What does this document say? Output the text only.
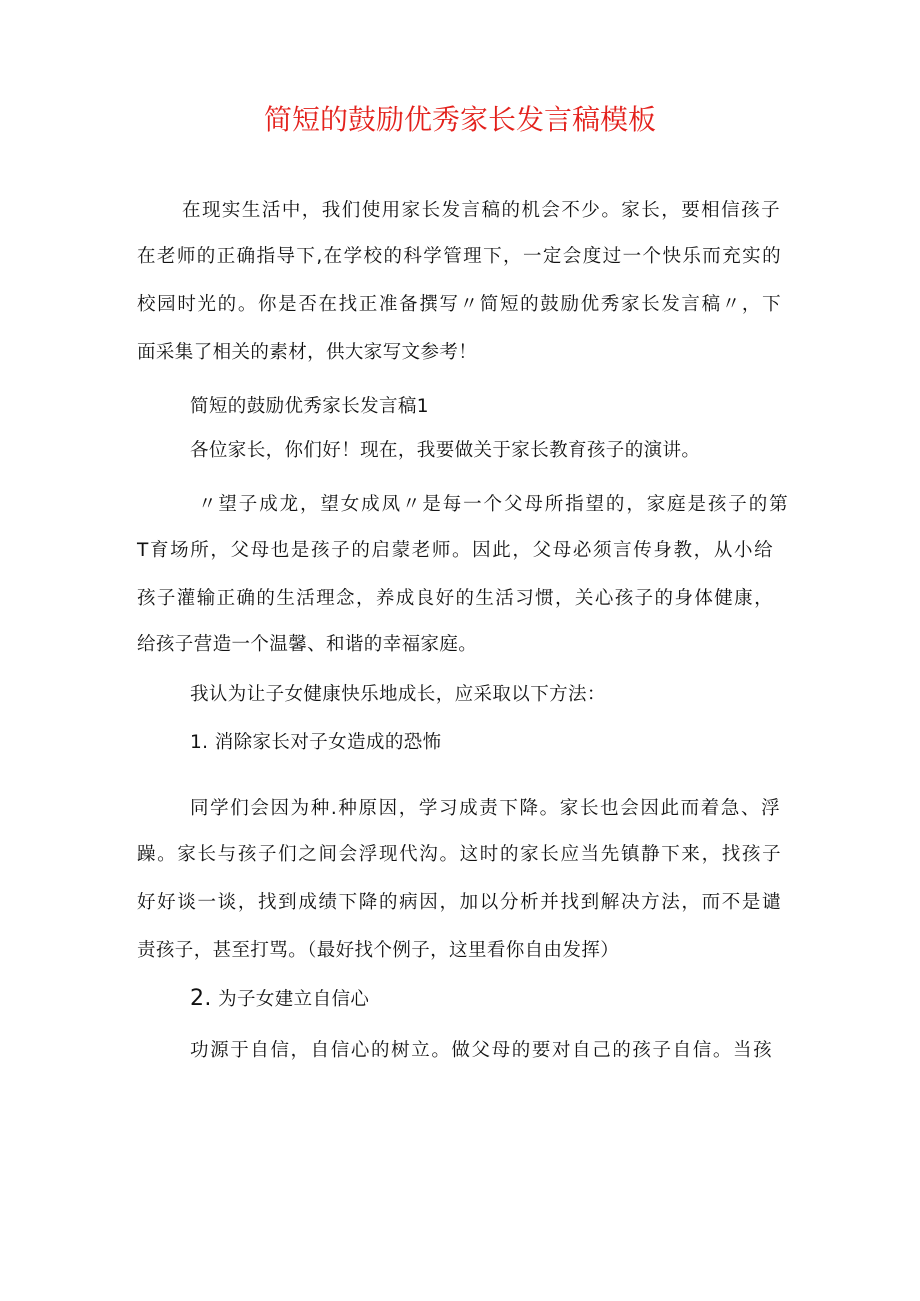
简短的鼓励优秀家长发言稿模板
在现实生活中，我们使用家长发言稿的机会不少。家长，要相信孩子
在老师的正确指导下,在学校的科学管理下，一定会度过一个快乐而充实的
校园时光的。你是否在找正准备撰写〃简短的鼓励优秀家长发言稿〃，下
面采集了相关的素材，供大家写文参考！
简短的鼓励优秀家长发言稿1
各位家长，你们好！现在，我要做关于家长教育孩子的演讲。
〃望子成龙，望女成凤〃是每一个父母所指望的，家庭是孩子的第
T育场所，父母也是孩子的启蒙老师。因此，父母必须言传身教，从小给
孩子灌输正确的生活理念，养成良好的生活习惯，关心孩子的身体健康，
给孩子营造一个温馨、和谐的幸福家庭。
我认为让子女健康快乐地成长，应采取以下方法：
1. 消除家长对子女造成的恐怖
同学们会因为种.种原因，学习成责下降。家长也会因此而着急、浮
躁。家长与孩子们之间会浮现代沟。这时的家长应当先镇静下来，找孩子
好好谈一谈，找到成绩下降的病因，加以分析并找到解决方法，而不是谴
责孩子，甚至打骂。（最好找个例子，这里看你自由发挥）
2. 为子女建立自信心
功源于自信，自信心的树立。做父母的要对自己的孩子自信。当孩
